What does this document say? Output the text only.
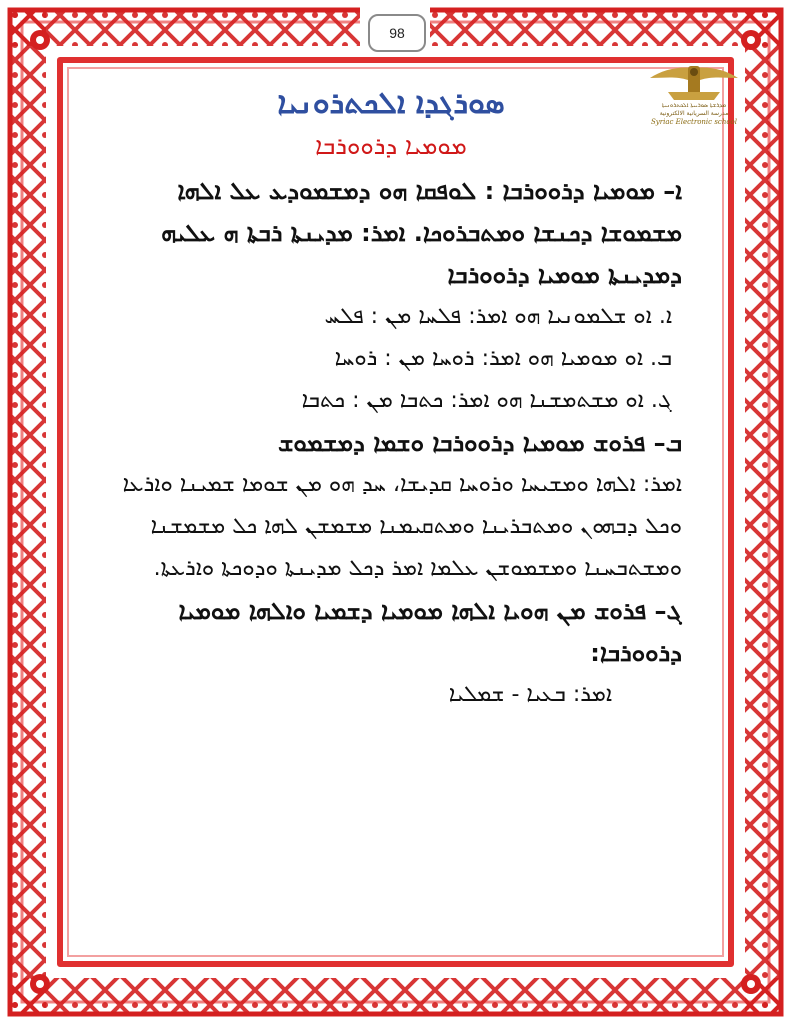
98
ܡܕܪܫܬܐ ܣܘܪܝܝܬܐ ܐܠܟܬܪܘܢܝܬܐ
مدرسة السريانية الالكترونية
Syriac Electronic school

ܣܘܪܓܕܐ ܐܠܟܬܪܘܢܝܐ

ܡܘܡܝܐ ܕܪܘܘܪܒܐ

ܐ– ܡܘܡܝܐ ܕܪܘܘܪܒܐ : ܠܘܦܩܐ ܗܘ ܕܡܫܡܘܕܥ ܥܠ ܐܠܗܐ ܡܫܡܘܫܐ ܕܟܢܫܐ ܘܡܬܒܪܘܟܐ. ܐܡܪ: ܡܕܝܢܬܐ ܪܒܬܐ ܗ ܥܠܝܗ ܕܡܕܝܢܬܐ ܡܘܡܝܐ ܕܪܘܘܪܒܐ

ܐ. ܐܘ ܫܠܡܘܢܝܐ ܗܘ ܐܡܪ: ܦܠܚܐ ܡܢ : ܦܠܚ

ܒ. ܐܘ ܡܘܡܝܐ ܗܘ ܐܡܪ: ܪܘܚܐ ܡܢ : ܪܘܚܐ

ܓ. ܐܘ ܡܫܬܡܫܢܐ ܗܘ ܐܡܪ: ܟܬܒܐ ܡܢ : ܟܬܒܐ

ܒ– ܦܪܘܫ ܡܘܡܝܐ ܕܪܘܘܪܒܐ ܘܫܡܐ ܕܡܫܡܘܫ

ܐܡܪ: ܐܠܗܐ ܘܡܫܝܚܐ ܘܪܘܚܐ ܩܕܝܫܐ، ܚܕ ܗܘ ܡܢ ܫܘܡܐ ܫܡܝܢܐ ܘܐܪܥܐ ܘܟܠ ܕܒܗܘܢ ܘܡܬܒܪܝܢܐ ܘܡܬܩܝܡܢܐ ܡܫܡܫܢ ܠܗܐ ܟܠ ܡܫܡܫܢܐ ܘܡܫܬܒܚܢܐ ܘܡܫܡܘܫܢ ܥܠܡܐ ܐܡܪ ܕܟܠ ܡܕܝܢܬܐ ܘܕܘܟܬܐ ܘܐܪܥܬܐ.

ܓ– ܦܪܘܫ ܡܢ ܗܘܝܐ ܐܠܗܐ ܡܘܡܝܐ ܕܫܡܝܐ ܘܐܠܗܐ ܡܘܡܝܐ ܕܪܘܘܪܒܐ:

ܐܡܪ: ܒܥܝܐ - ܫܡܠܝܐ
